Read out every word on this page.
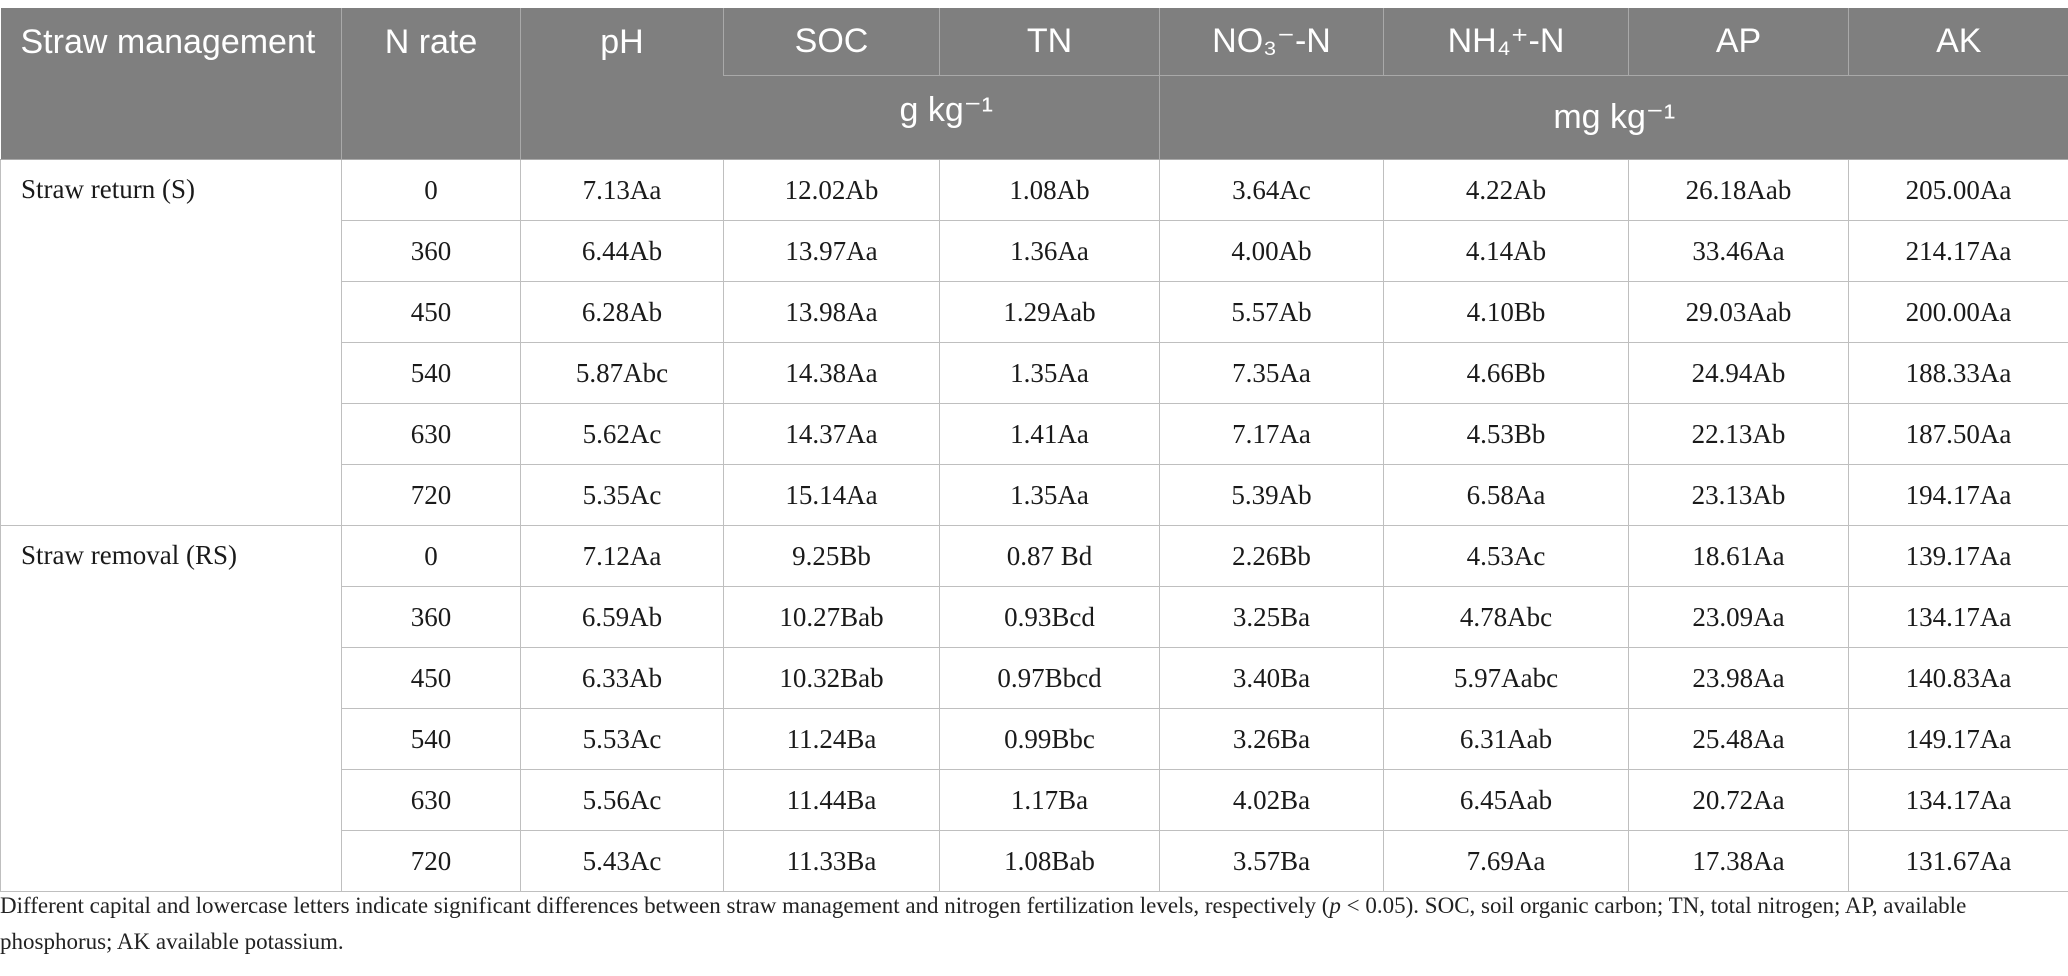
Straw management	N rate	pH	SOC	TN	NO₃⁻-N	NH₄⁺-N	AP	AK
			g kg⁻¹		mg kg⁻¹			
Straw return (S)	0	7.13Aa	12.02Ab	1.08Ab	3.64Ac	4.22Ab	26.18Aab	205.00Aa
	360	6.44Ab	13.97Aa	1.36Aa	4.00Ab	4.14Ab	33.46Aa	214.17Aa
	450	6.28Ab	13.98Aa	1.29Aab	5.57Ab	4.10Bb	29.03Aab	200.00Aa
	540	5.87Abc	14.38Aa	1.35Aa	7.35Aa	4.66Bb	24.94Ab	188.33Aa
	630	5.62Ac	14.37Aa	1.41Aa	7.17Aa	4.53Bb	22.13Ab	187.50Aa
	720	5.35Ac	15.14Aa	1.35Aa	5.39Ab	6.58Aa	23.13Ab	194.17Aa
Straw removal (RS)	0	7.12Aa	9.25Bb	0.87 Bd	2.26Bb	4.53Ac	18.61Aa	139.17Aa
	360	6.59Ab	10.27Bab	0.93Bcd	3.25Ba	4.78Abc	23.09Aa	134.17Aa
	450	6.33Ab	10.32Bab	0.97Bbcd	3.40Ba	5.97Aabc	23.98Aa	140.83Aa
	540	5.53Ac	11.24Ba	0.99Bbc	3.26Ba	6.31Aab	25.48Aa	149.17Aa
	630	5.56Ac	11.44Ba	1.17Ba	4.02Ba	6.45Aab	20.72Aa	134.17Aa
	720	5.43Ac	11.33Ba	1.08Bab	3.57Ba	7.69Aa	17.38Aa	131.67Aa
Different capital and lowercase letters indicate significant differences between straw management and nitrogen fertilization levels, respectively (p < 0.05). SOC, soil organic carbon; TN, total nitrogen; AP, available phosphorus; AK available potassium.
